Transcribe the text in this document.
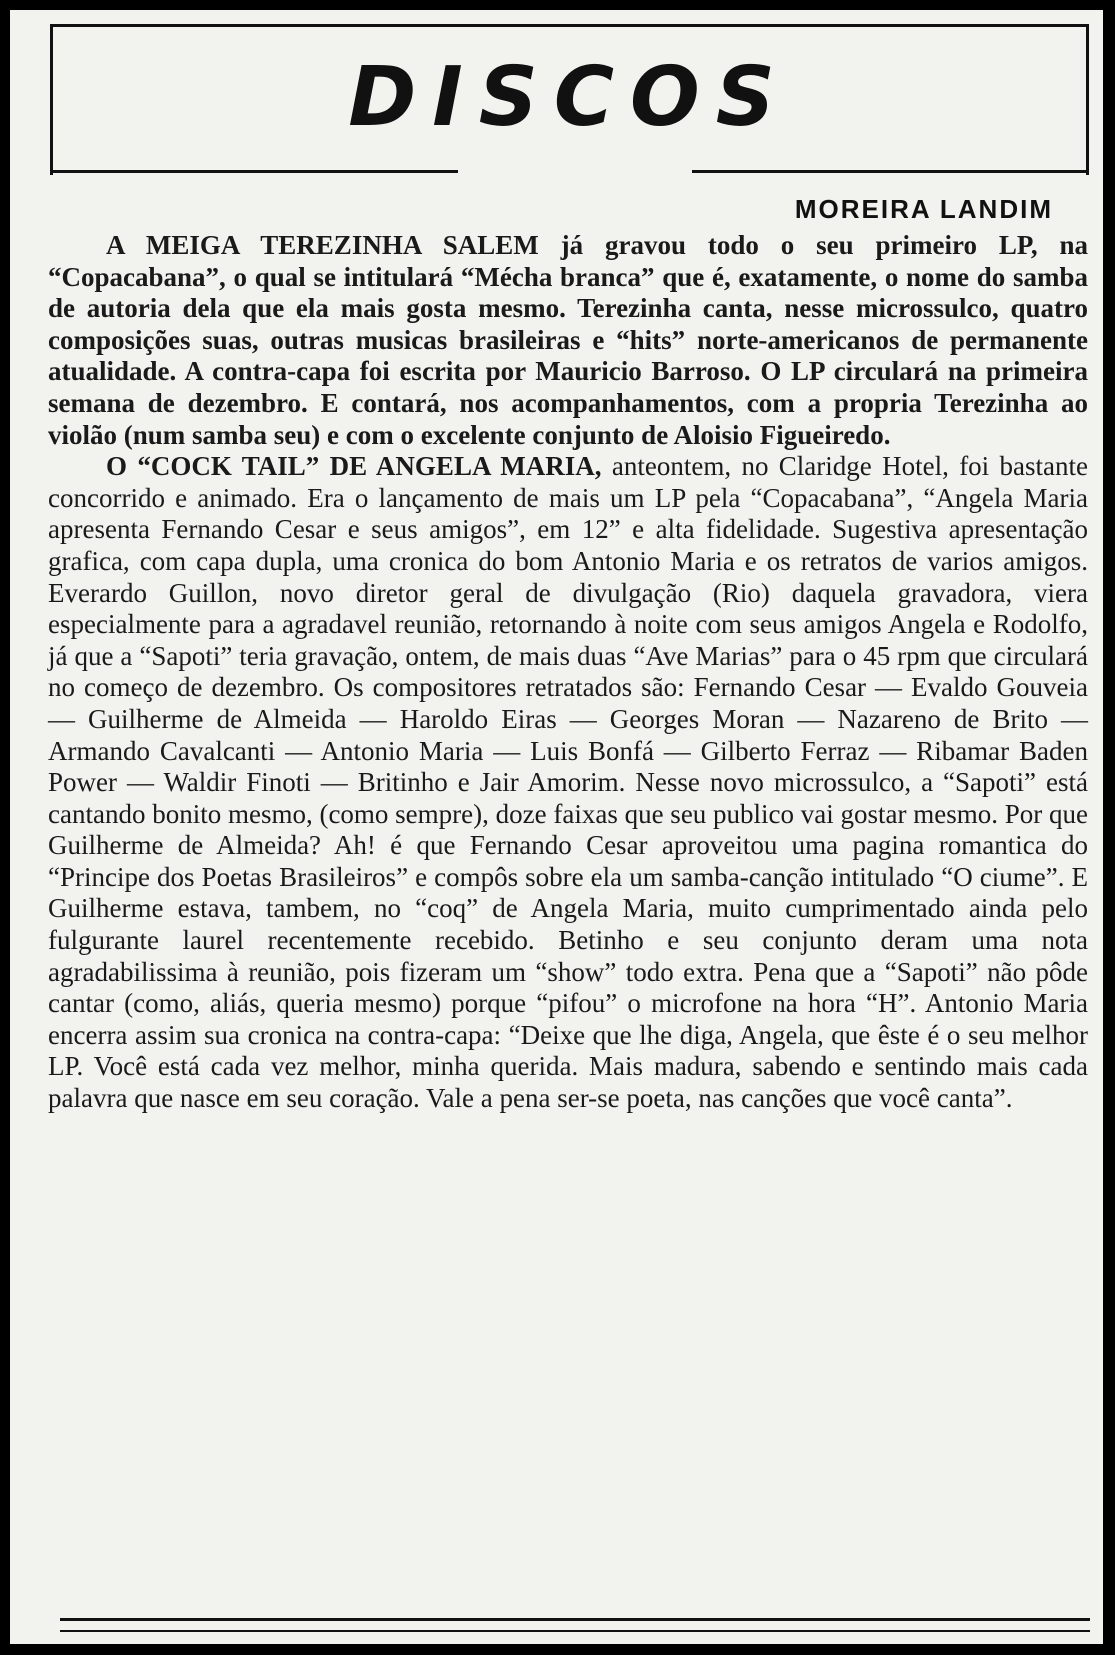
DISCOS
MOREIRA LANDIM

A MEIGA TEREZINHA SALEM já gravou todo o seu primeiro LP, na “Copacabana”, o qual se intitulará “Mécha branca” que é, exatamente, o nome do samba de autoria dela que ela mais gosta mesmo. Terezinha canta, nesse microssulco, quatro composições suas, outras musicas brasileiras e “hits” norte-americanos de permanente atualidade. A contra-capa foi escrita por Mauricio Barroso. O LP circulará na primeira semana de dezembro. E contará, nos acompanhamentos, com a propria Terezinha ao violão (num samba seu) e com o excelente conjunto de Aloisio Figueiredo.

O “COCK TAIL” DE ANGELA MARIA, anteontem, no Claridge Hotel, foi bastante concorrido e animado. Era o lançamento de mais um LP pela “Copacabana”, “Angela Maria apresenta Fernando Cesar e seus amigos”, em 12” e alta fidelidade. Sugestiva apresentação grafica, com capa dupla, uma cronica do bom Antonio Maria e os retratos de varios amigos. Everardo Guillon, novo diretor geral de divulgação (Rio) daquela gravadora, viera especialmente para a agradavel reunião, retornando à noite com seus amigos Angela e Rodolfo, já que a “Sapoti” teria gravação, ontem, de mais duas “Ave Marias” para o 45 rpm que circulará no começo de dezembro. Os compositores retratados são: Fernando Cesar — Evaldo Gouveia — Guilherme de Almeida — Haroldo Eiras — Georges Moran — Nazareno de Brito — Armando Cavalcanti — Antonio Maria — Luis Bonfá — Gilberto Ferraz — Ribamar Baden Power — Waldir Finoti — Britinho e Jair Amorim. Nesse novo microssulco, a “Sapoti” está cantando bonito mesmo, (como sempre), doze faixas que seu publico vai gostar mesmo. Por que Guilherme de Almeida? Ah! é que Fernando Cesar aproveitou uma pagina romantica do “Principe dos Poetas Brasileiros” e compôs sobre ela um samba-canção intitulado “O ciume”. E Guilherme estava, tambem, no “coq” de Angela Maria, muito cumprimentado ainda pelo fulgurante laurel recentemente recebido. Betinho e seu conjunto deram uma nota agradabilissima à reunião, pois fizeram um “show” todo extra. Pena que a “Sapoti” não pôde cantar (como, aliás, queria mesmo) porque “pifou” o microfone na hora “H”. Antonio Maria encerra assim sua cronica na contra-capa: “Deixe que lhe diga, Angela, que êste é o seu melhor LP. Você está cada vez melhor, minha querida. Mais madura, sabendo e sentindo mais cada palavra que nasce em seu coração. Vale a pena ser-se poeta, nas canções que você canta”.
